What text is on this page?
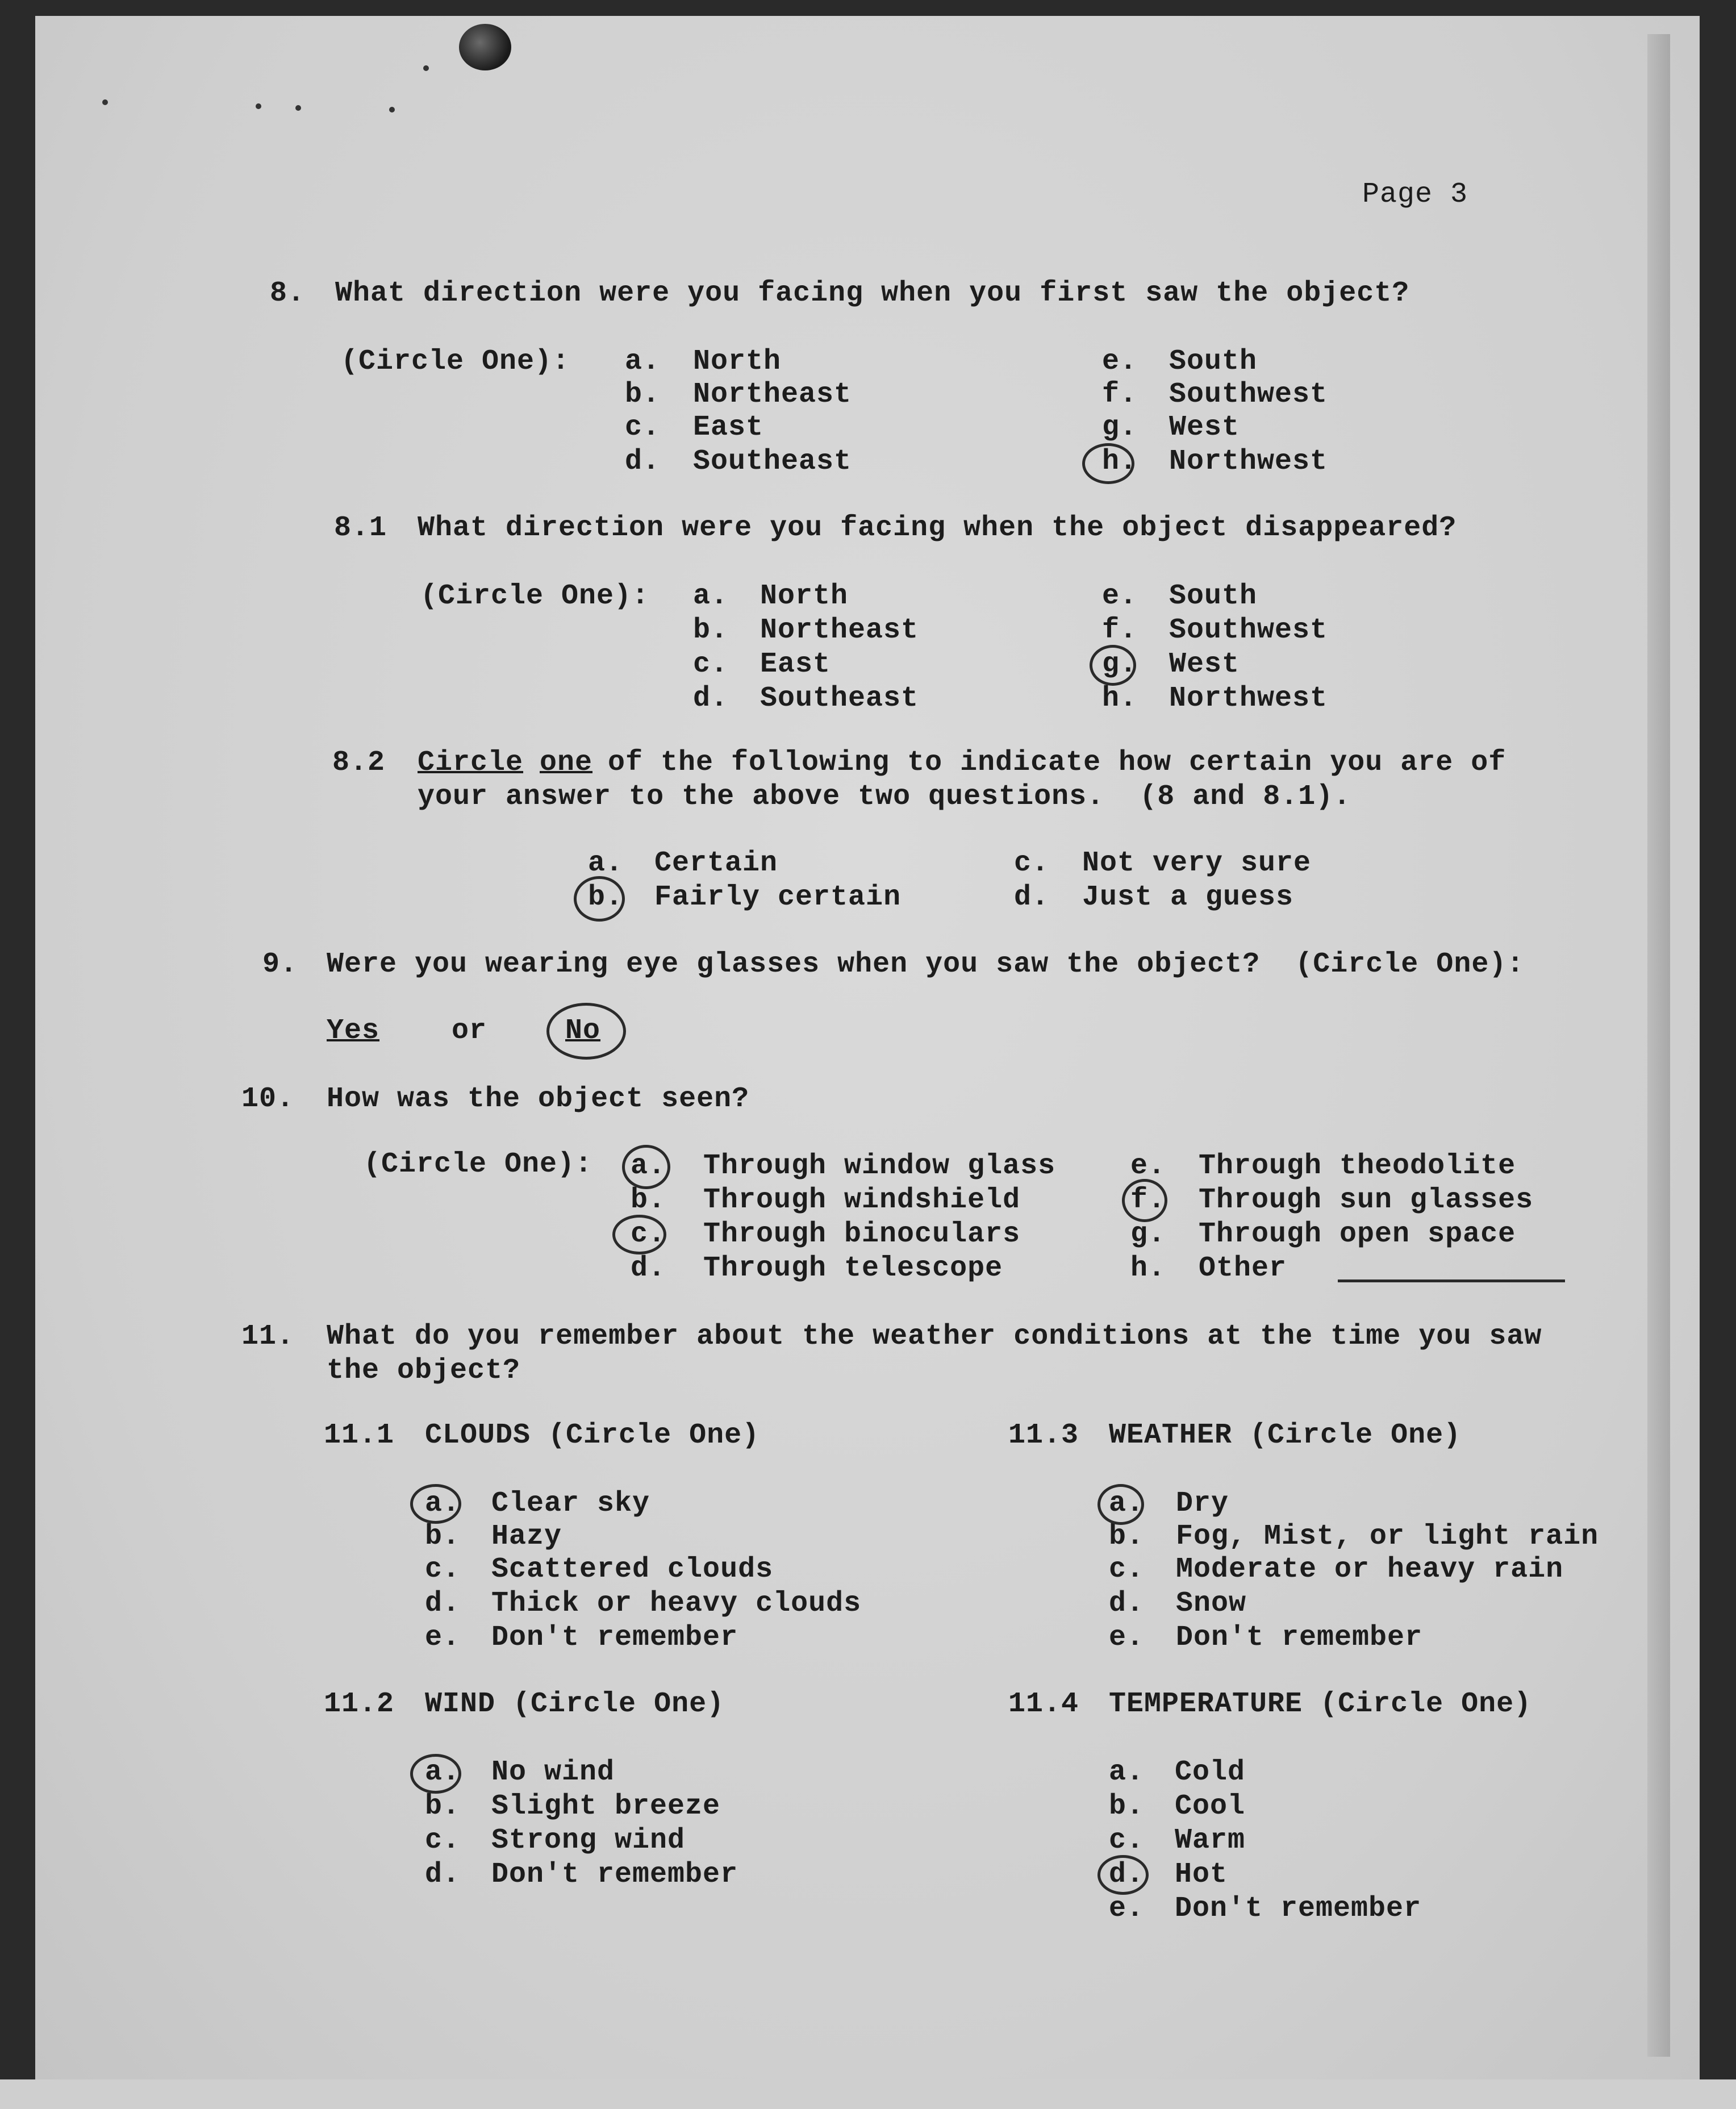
Page 3
8. What direction were you facing when you first saw the object?
(Circle One): a. North
b. Northeast
c. East
d. Southeast
e. South
f. Southwest
g. West
h. Northwest
8.1 What direction were you facing when the object disappeared?
(Circle One): a. North
b. Northeast
c. East
d. Southeast
e. South
f. Southwest
g. West
h. Northwest
8.2 Circle one of the following to indicate how certain you are of
your answer to the above two questions.  (8 and 8.1).
a. Certain
b. Fairly certain
c. Not very sure
d. Just a guess
9. Were you wearing eye glasses when you saw the object?  (Circle One):
Yes	or	No
10. How was the object seen?
(Circle One): a. Through window glass
b. Through windshield
c. Through binoculars
d. Through telescope
e. Through theodolite
f. Through sun glasses
g. Through open space
h. Other
11. What do you remember about the weather conditions at the time you saw
the object?
11.1 CLOUDS (Circle One)
a. Clear sky
b. Hazy
c. Scattered clouds
d. Thick or heavy clouds
e. Don't remember
11.2 WIND (Circle One)
a. No wind
b. Slight breeze
c. Strong wind
d. Don't remember
11.3 WEATHER (Circle One)
a. Dry
b. Fog, Mist, or light rain
c. Moderate or heavy rain
d. Snow
e. Don't remember
11.4 TEMPERATURE (Circle One)
a. Cold
b. Cool
c. Warm
d. Hot
e. Don't remember
